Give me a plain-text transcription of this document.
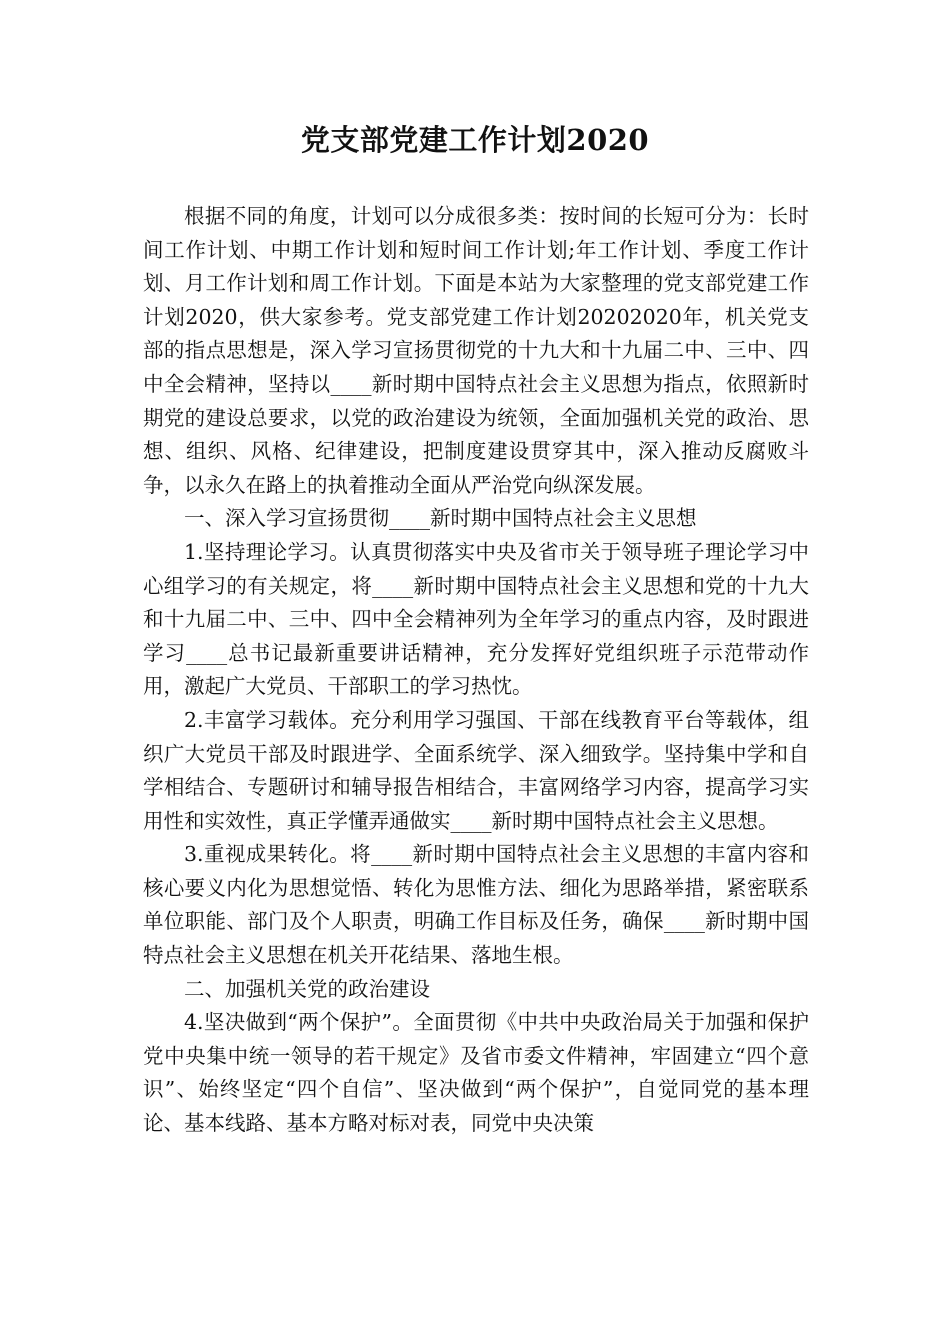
党支部党建工作计划2020

根据不同的角度，计划可以分成很多类：按时间的长短可分为：长时间工作计划、中期工作计划和短时间工作计划;年工作计划、季度工作计划、月工作计划和周工作计划。下面是本站为大家整理的党支部党建工作计划2020，供大家参考。党支部党建工作计划20202020年，机关党支部的指点思想是，深入学习宣扬贯彻党的十九大和十九届二中、三中、四中全会精神，坚持以____新时期中国特点社会主义思想为指点，依照新时期党的建设总要求，以党的政治建设为统领，全面加强机关党的政治、思想、组织、风格、纪律建设，把制度建设贯穿其中，深入推动反腐败斗争，以永久在路上的执着推动全面从严治党向纵深发展。

一、深入学习宣扬贯彻____新时期中国特点社会主义思想

1.坚持理论学习。认真贯彻落实中央及省市关于领导班子理论学习中心组学习的有关规定，将____新时期中国特点社会主义思想和党的十九大和十九届二中、三中、四中全会精神列为全年学习的重点内容，及时跟进学习____总书记最新重要讲话精神，充分发挥好党组织班子示范带动作用，激起广大党员、干部职工的学习热忱。

2.丰富学习载体。充分利用学习强国、干部在线教育平台等载体，组织广大党员干部及时跟进学、全面系统学、深入细致学。坚持集中学和自学相结合、专题研讨和辅导报告相结合，丰富网络学习内容，提高学习实用性和实效性，真正学懂弄通做实____新时期中国特点社会主义思想。

3.重视成果转化。将____新时期中国特点社会主义思想的丰富内容和核心要义内化为思想觉悟、转化为思惟方法、细化为思路举措，紧密联系单位职能、部门及个人职责，明确工作目标及任务，确保____新时期中国特点社会主义思想在机关开花结果、落地生根。

二、加强机关党的政治建设

4.坚决做到“两个保护”。全面贯彻《中共中央政治局关于加强和保护党中央集中统一领导的若干规定》及省市委文件精神，牢固建立“四个意识”、始终坚定“四个自信”、坚决做到“两个保护”，自觉同党的基本理论、基本线路、基本方略对标对表，同党中央决策
